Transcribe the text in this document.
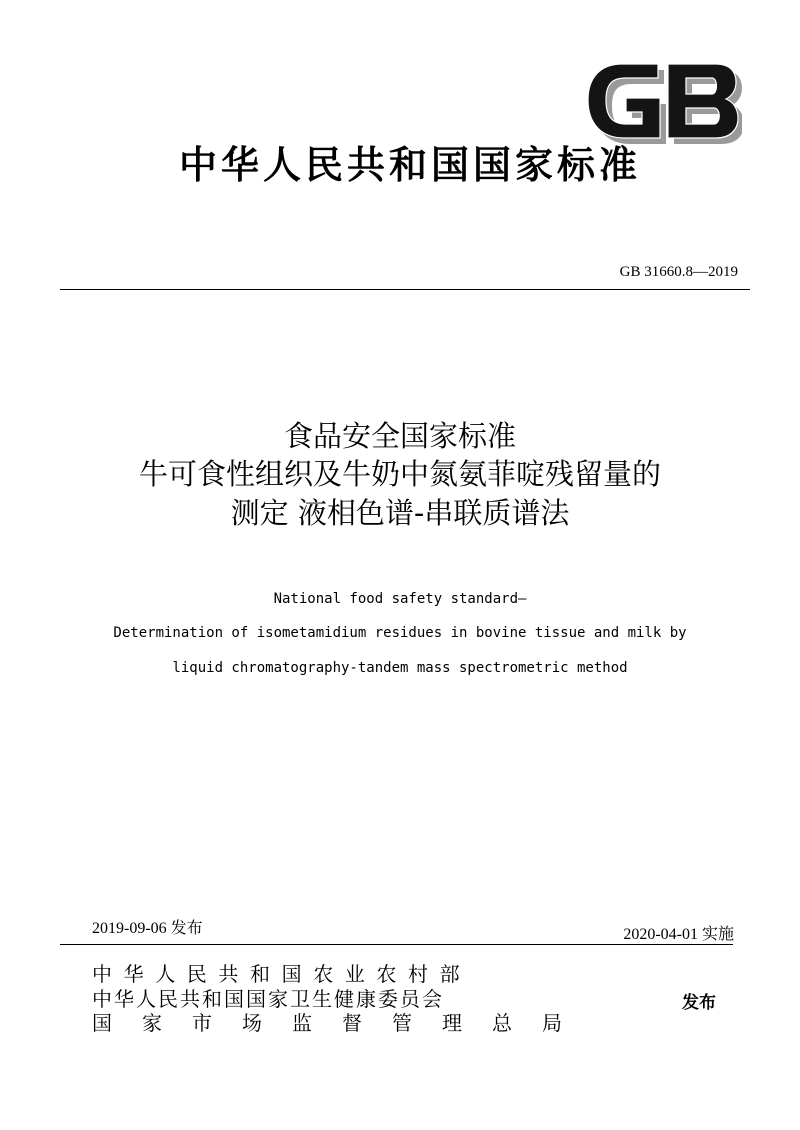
中华人民共和国国家标准
GB 31660.8—2019
食品安全国家标准
牛可食性组织及牛奶中氮氨菲啶残留量的
测定 液相色谱-串联质谱法
National food safety standard—
Determination of isometamidium residues in bovine tissue and milk by
liquid chromatography-tandem mass spectrometric method
2019-09-06 发布	2020-04-01 实施
中华人民共和国农业农村部
中华人民共和国国家卫生健康委员会
国家市场监督管理总局
发布
